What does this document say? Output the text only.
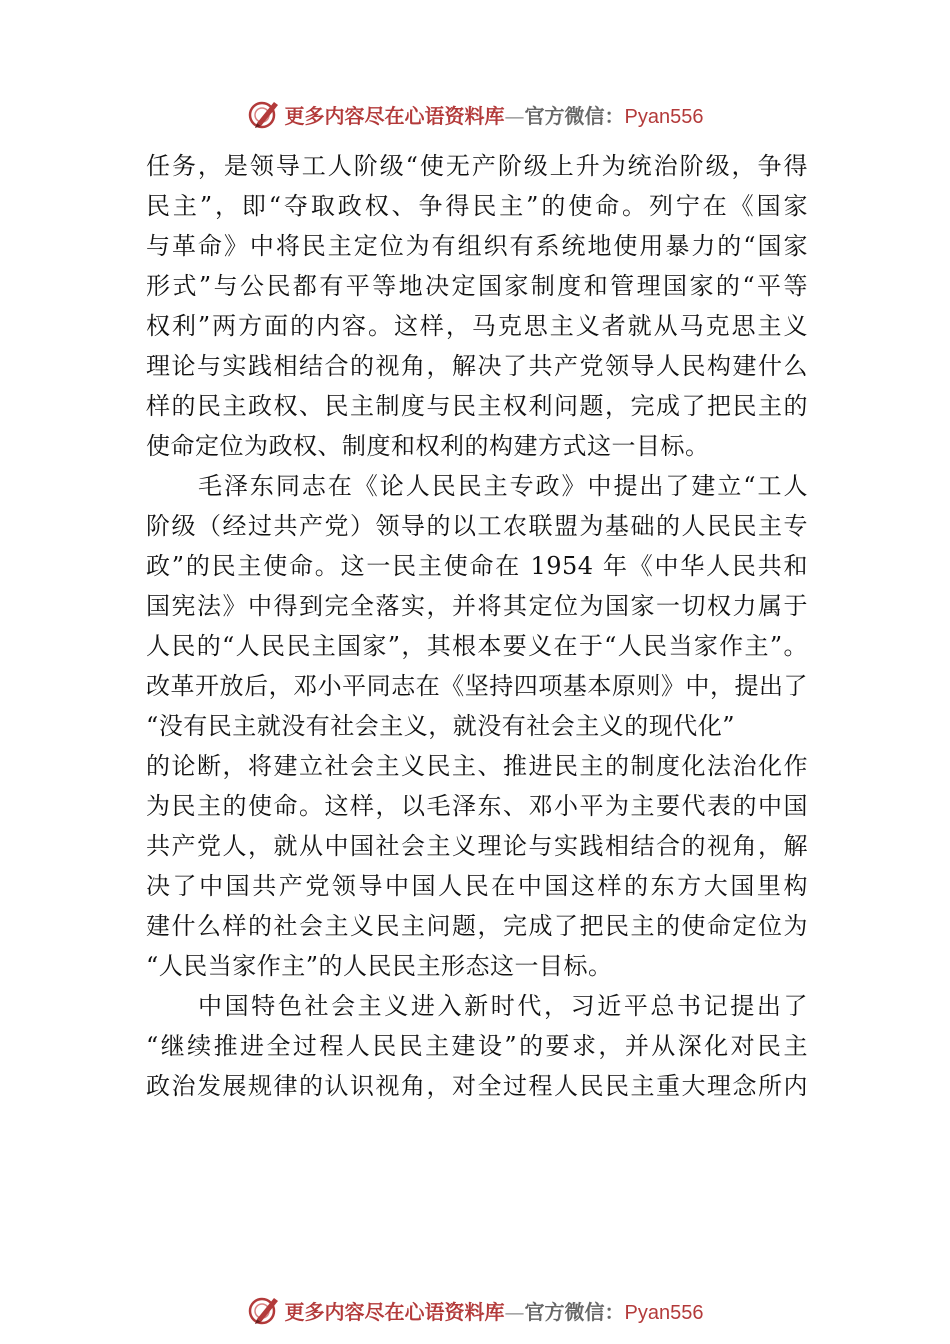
更多内容尽在心语资料库—官方微信：Pyan556
任务，是领导工人阶级“使无产阶级上升为统治阶级，争得
民主”，即“夺取政权、争得民主”的使命。列宁在《国家
与革命》中将民主定位为有组织有系统地使用暴力的“国家
形式”与公民都有平等地决定国家制度和管理国家的“平等
权利”两方面的内容。这样，马克思主义者就从马克思主义
理论与实践相结合的视角，解决了共产党领导人民构建什么
样的民主政权、民主制度与民主权利问题，完成了把民主的
使命定位为政权、制度和权利的构建方式这一目标。
毛泽东同志在《论人民民主专政》中提出了建立“工人
阶级（经过共产党）领导的以工农联盟为基础的人民民主专
政”的民主使命。这一民主使命在 1954 年《中华人民共和
国宪法》中得到完全落实，并将其定位为国家一切权力属于
人民的“人民民主国家”，其根本要义在于“人民当家作主”。
改革开放后，邓小平同志在《坚持四项基本原则》中，提出了
“没有民主就没有社会主义，就没有社会主义的现代化”
的论断，将建立社会主义民主、推进民主的制度化法治化作
为民主的使命。这样，以毛泽东、邓小平为主要代表的中国
共产党人，就从中国社会主义理论与实践相结合的视角，解
决了中国共产党领导中国人民在中国这样的东方大国里构
建什么样的社会主义民主问题，完成了把民主的使命定位为
“人民当家作主”的人民民主形态这一目标。
中国特色社会主义进入新时代，习近平总书记提出了
“继续推进全过程人民民主建设”的要求，并从深化对民主
政治发展规律的认识视角，对全过程人民民主重大理念所内
更多内容尽在心语资料库—官方微信：Pyan556
